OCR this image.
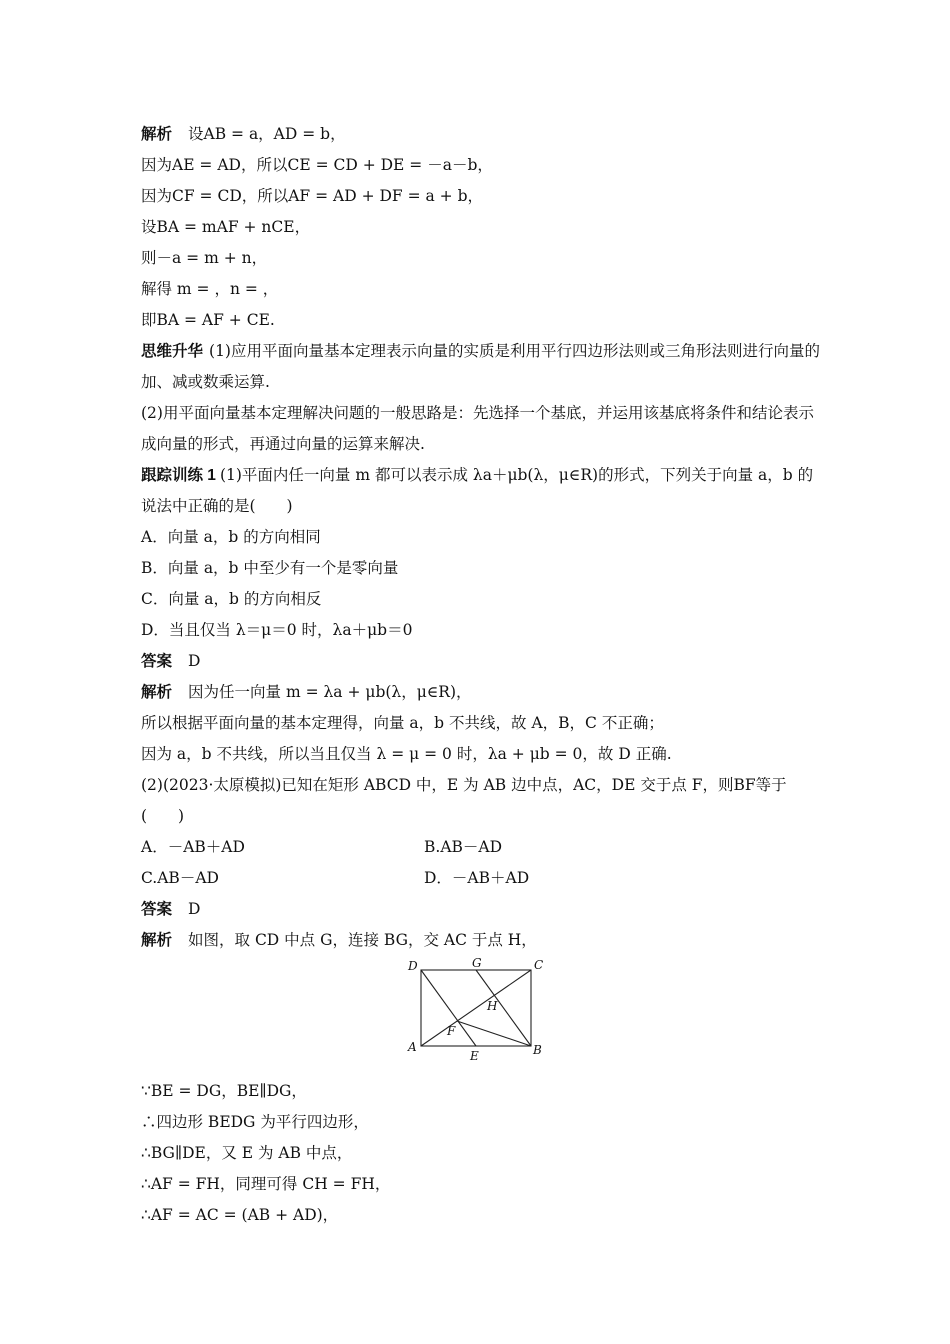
解析 设AB = a，AD = b，
因为AE = AD，所以CE = CD + DE = －a－b，
因为CF = CD，所以AF = AD + DF = a + b，
设BA = mAF + nCE，
则－a = m + n，
解得 m = ，n = ，
即BA = AF + CE.
思维升华 (1)应用平面向量基本定理表示向量的实质是利用平行四边形法则或三角形法则进行向量的加、减或数乘运算.
(2)用平面向量基本定理解决问题的一般思路是：先选择一个基底，并运用该基底将条件和结论表示成向量的形式，再通过向量的运算来解决.
跟踪训练 1 (1)平面内任一向量 m 都可以表示成 λa＋μb(λ，μ∈R)的形式，下列关于向量 a，b 的说法中正确的是(　　)
A．向量 a，b 的方向相同
B．向量 a，b 中至少有一个是零向量
C．向量 a，b 的方向相反
D．当且仅当 λ＝μ＝0 时，λa＋μb＝0
答案 D
解析 因为任一向量 m = λa + μb(λ，μ∈R)，
所以根据平面向量的基本定理得，向量 a，b 不共线，故 A，B，C 不正确；
因为 a，b 不共线，所以当且仅当 λ = μ = 0 时，λa + μb = 0，故 D 正确.
(2)(2023·太原模拟)已知在矩形 ABCD 中，E 为 AB 边中点，AC，DE 交于点 F，则BF等于(　　)
A．－AB＋AD	B.AB－AD
C.AB－AD	D．－AB＋AD
答案 D
解析 如图，取 CD 中点 G，连接 BG，交 AC 于点 H，
D	G	C
H
F
A
E	B
∵BE = DG，BE∥DG，
∴四边形 BEDG 为平行四边形，
∴BG∥DE，又 E 为 AB 中点，
∴AF = FH，同理可得 CH = FH，
∴AF = AC = (AB + AD)，
